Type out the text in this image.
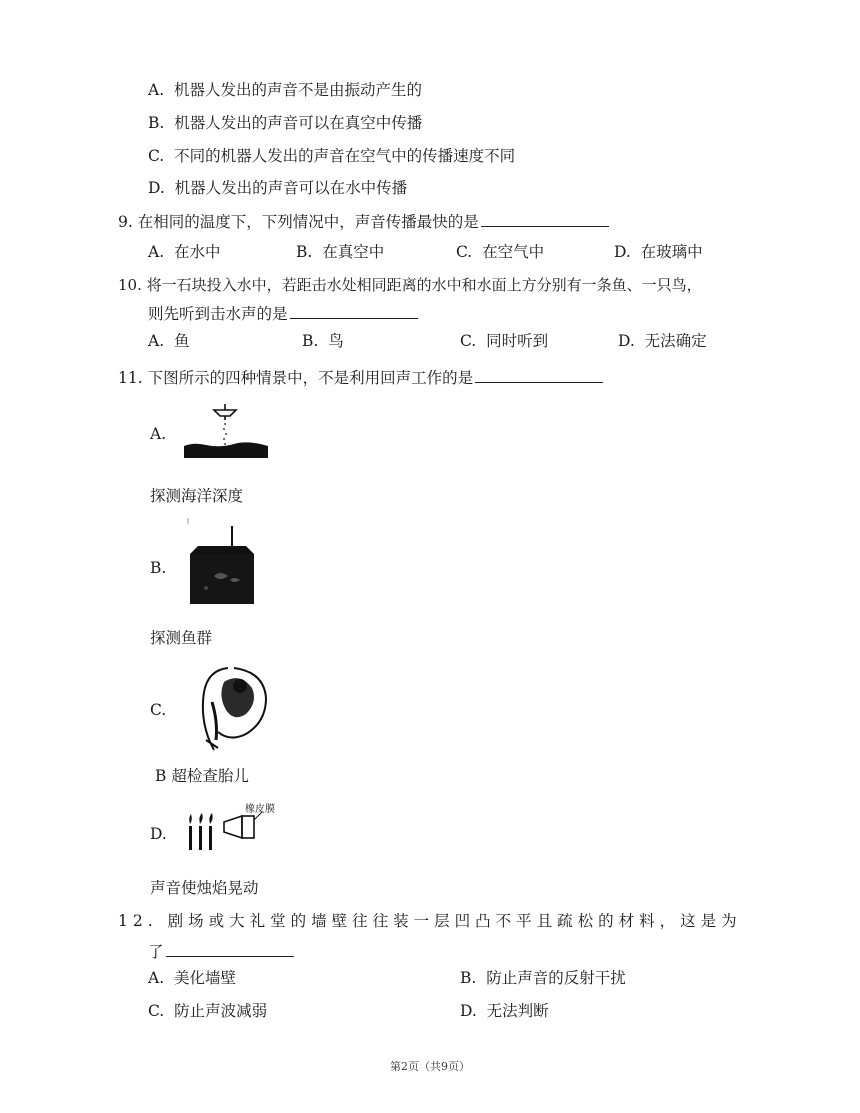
A. 机器人发出的声音不是由振动产生的
B. 机器人发出的声音可以在真空中传播
C. 不同的机器人发出的声音在空气中的传播速度不同
D. 机器人发出的声音可以在水中传播
9. 在相同的温度下，下列情况中，声音传播最快的是
A. 在水中	B. 在真空中	C. 在空气中	D. 在玻璃中
10. 将一石块投入水中，若距击水处相同距离的水中和水面上方分别有一条鱼、一只鸟，
则先听到击水声的是
A. 鱼	B. 鸟	C. 同时听到	D. 无法确定
11. 下图所示的四种情景中，不是利用回声工作的是
A.
探测海洋深度
B.
探测鱼群
C.
B 超检查胎儿
D.
橡皮膜
声音使烛焰晃动
12. 剧场或大礼堂的墙壁往往装一层凹凸不平且疏松的材料，这是为
了
A. 美化墙壁	B. 防止声音的反射干扰
C. 防止声波减弱	D. 无法判断
第2页（共9页）
